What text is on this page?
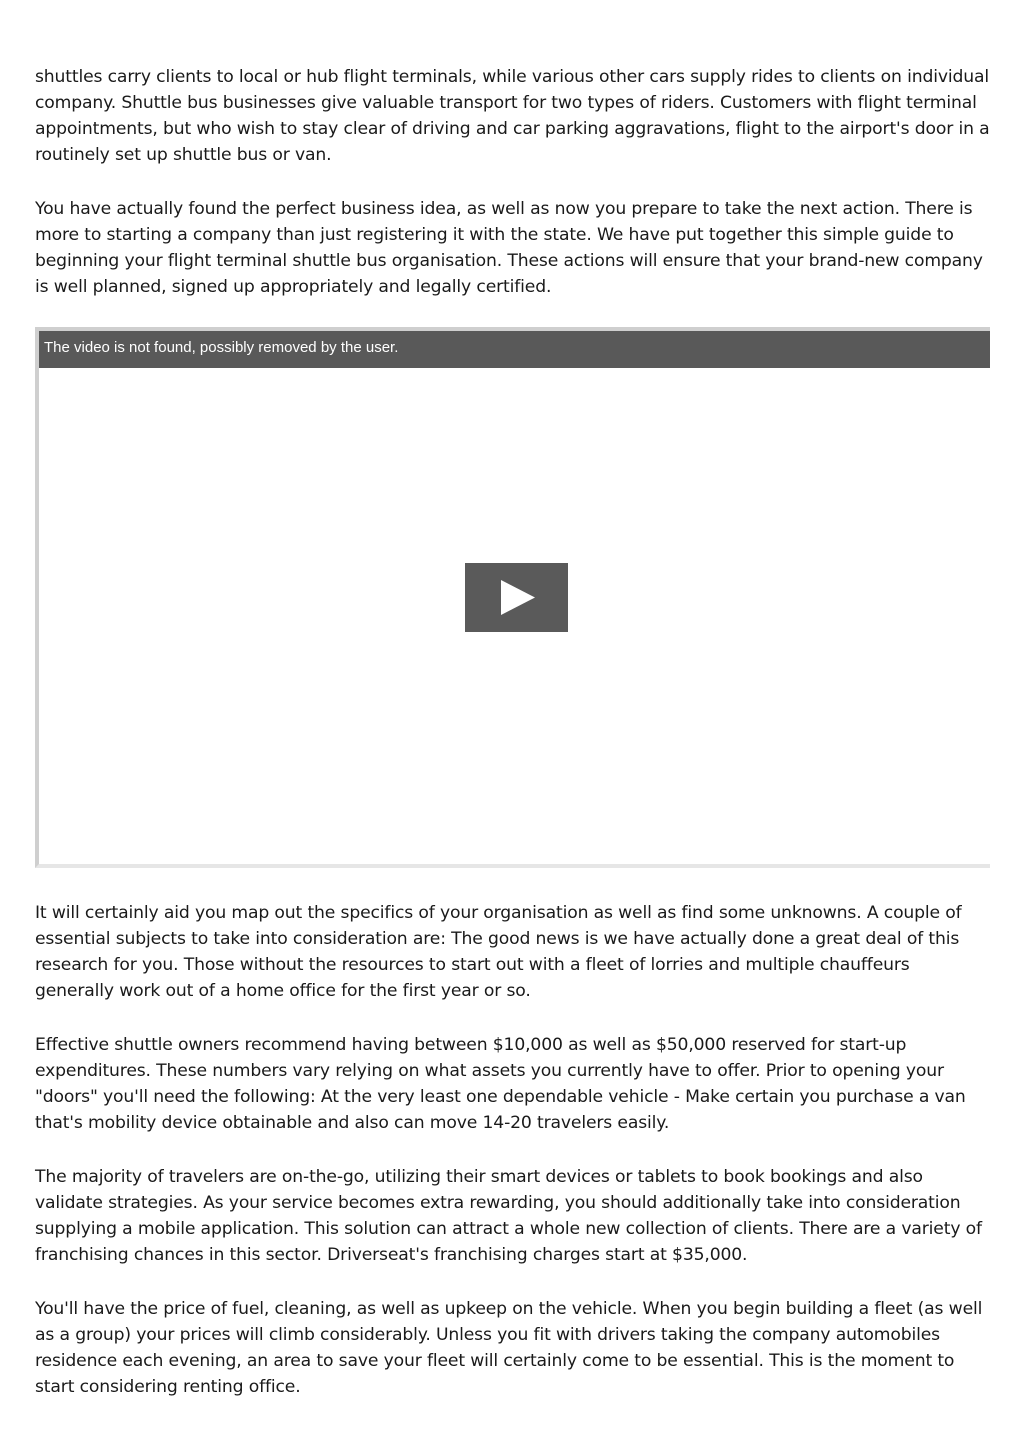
shuttles carry clients to local or hub flight terminals, while various other cars supply rides to clients on individual company. Shuttle bus businesses give valuable transport for two types of riders. Customers with flight terminal appointments, but who wish to stay clear of driving and car parking aggravations, flight to the airport's door in a routinely set up shuttle bus or van.

You have actually found the perfect business idea, as well as now you prepare to take the next action. There is more to starting a company than just registering it with the state. We have put together this simple guide to beginning your flight terminal shuttle bus organisation. These actions will ensure that your brand-new company is well planned, signed up appropriately and legally certified.

The video is not found, possibly removed by the user.

It will certainly aid you map out the specifics of your organisation as well as find some unknowns. A couple of essential subjects to take into consideration are: The good news is we have actually done a great deal of this research for you. Those without the resources to start out with a fleet of lorries and multiple chauffeurs generally work out of a home office for the first year or so.

Effective shuttle owners recommend having between $10,000 as well as $50,000 reserved for start-up expenditures. These numbers vary relying on what assets you currently have to offer. Prior to opening your "doors" you'll need the following: At the very least one dependable vehicle - Make certain you purchase a van that's mobility device obtainable and also can move 14-20 travelers easily.

The majority of travelers are on-the-go, utilizing their smart devices or tablets to book bookings and also validate strategies. As your service becomes extra rewarding, you should additionally take into consideration supplying a mobile application. This solution can attract a whole new collection of clients. There are a variety of franchising chances in this sector. Driverseat's franchising charges start at $35,000.

You'll have the price of fuel, cleaning, as well as upkeep on the vehicle. When you begin building a fleet (as well as a group) your prices will climb considerably. Unless you fit with drivers taking the company automobiles residence each evening, an area to save your fleet will certainly come to be essential. This is the moment to start considering renting office.
